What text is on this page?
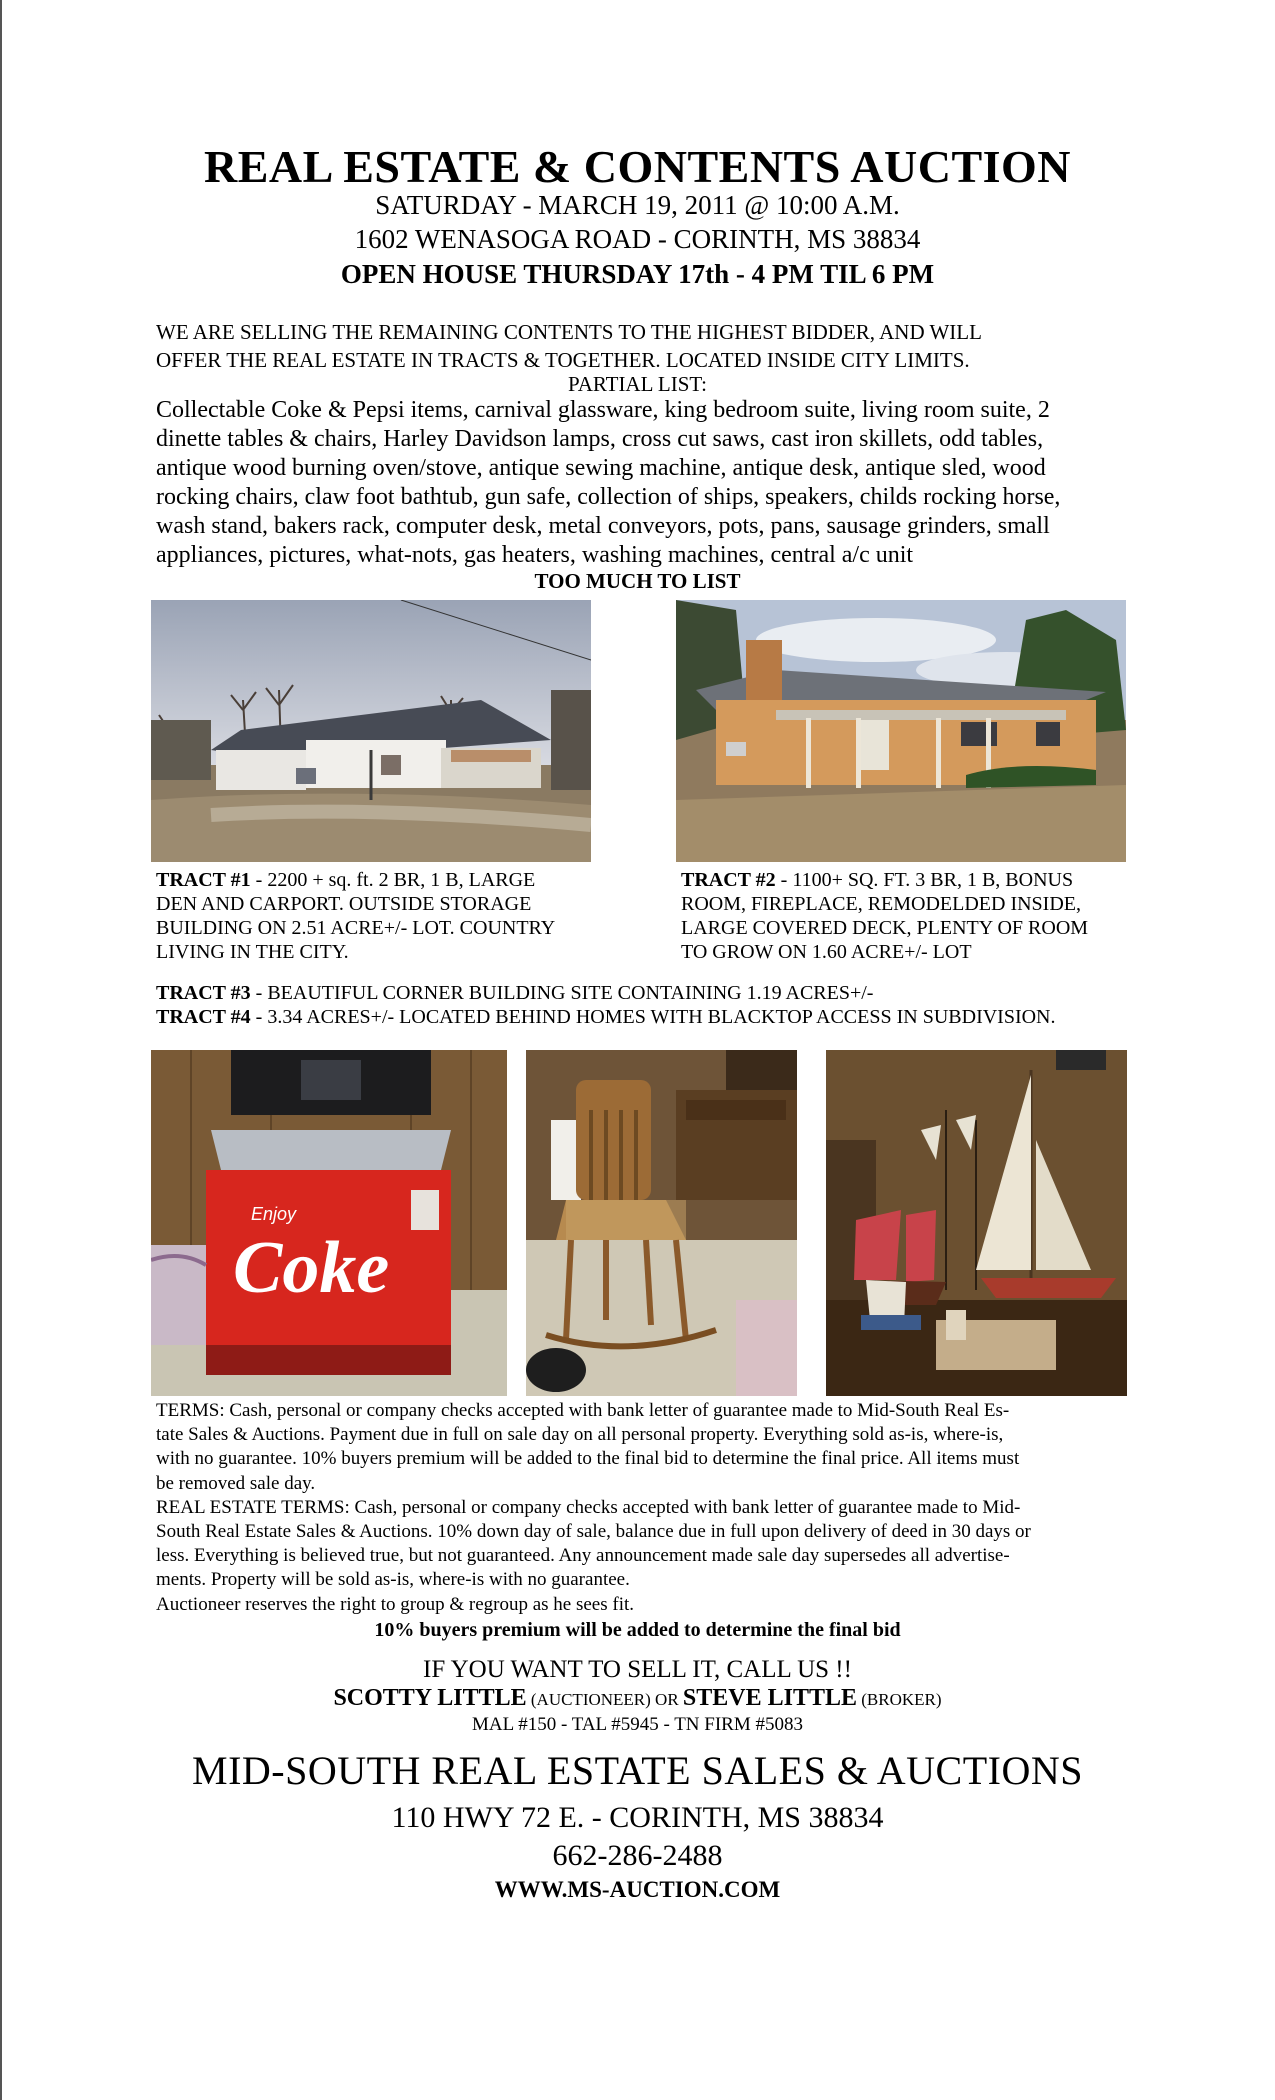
REAL ESTATE & CONTENTS AUCTION
SATURDAY - MARCH 19, 2011 @ 10:00 A.M.
1602 WENASOGA ROAD - CORINTH, MS 38834
OPEN HOUSE THURSDAY 17th - 4 PM TIL 6 PM
WE ARE SELLING THE REMAINING CONTENTS TO THE HIGHEST BIDDER, AND WILL
OFFER THE REAL ESTATE IN TRACTS & TOGETHER. LOCATED INSIDE CITY LIMITS.
PARTIAL LIST:
Collectable Coke & Pepsi items, carnival glassware, king bedroom suite, living room suite, 2
dinette tables & chairs, Harley Davidson lamps, cross cut saws, cast iron skillets, odd tables,
antique wood burning oven/stove, antique sewing machine, antique desk, antique sled, wood
rocking chairs, claw foot bathtub, gun safe, collection of ships, speakers, childs rocking horse,
wash stand, bakers rack, computer desk, metal conveyors, pots, pans, sausage grinders, small
appliances, pictures, what-nots, gas heaters, washing machines, central a/c unit
TOO MUCH TO LIST
TRACT #1 - 2200 + sq. ft. 2 BR, 1 B, LARGE
DEN AND CARPORT. OUTSIDE STORAGE
BUILDING ON 2.51 ACRE+/- LOT. COUNTRY
LIVING IN THE CITY.
TRACT #2 - 1100+ SQ. FT. 3 BR, 1 B, BONUS
ROOM, FIREPLACE, REMODELDED INSIDE,
LARGE COVERED DECK, PLENTY OF ROOM
TO GROW ON 1.60 ACRE+/- LOT
TRACT #3 - BEAUTIFUL CORNER BUILDING SITE CONTAINING 1.19 ACRES+/-
TRACT #4 - 3.34 ACRES+/- LOCATED BEHIND HOMES WITH BLACKTOP ACCESS IN SUBDIVISION.
Enjoy
Coke
TERMS: Cash, personal or company checks accepted with bank letter of guarantee made to Mid-South Real Es-
tate Sales & Auctions. Payment due in full on sale day on all personal property. Everything sold as-is, where-is,
with no guarantee. 10% buyers premium will be added to the final bid to determine the final price. All items must
be removed sale day.
REAL ESTATE TERMS: Cash, personal or company checks accepted with bank letter of guarantee made to Mid-
South Real Estate Sales & Auctions. 10% down day of sale, balance due in full upon delivery of deed in 30 days or
less. Everything is believed true, but not guaranteed. Any announcement made sale day supersedes all advertise-
ments. Property will be sold as-is, where-is with no guarantee.
Auctioneer reserves the right to group & regroup as he sees fit.
10% buyers premium will be added to determine the final bid
IF YOU WANT TO SELL IT, CALL US !!
SCOTTY LITTLE (AUCTIONEER) OR STEVE LITTLE (BROKER)
MAL #150 - TAL #5945 - TN FIRM #5083
MID-SOUTH REAL ESTATE SALES & AUCTIONS
110 HWY 72 E. - CORINTH, MS 38834
662-286-2488
WWW.MS-AUCTION.COM
